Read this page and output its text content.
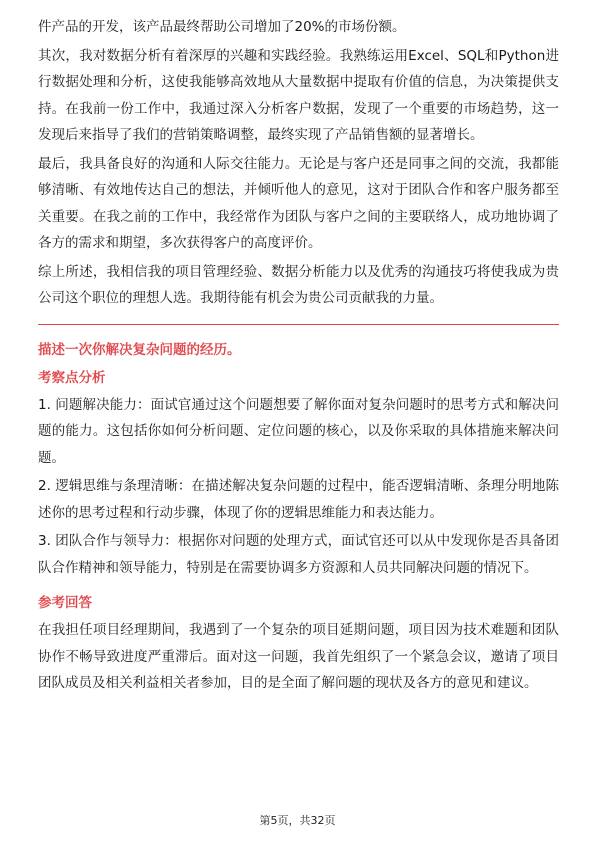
件产品的开发，该产品最终帮助公司增加了20%的市场份额。

其次，我对数据分析有着深厚的兴趣和实践经验。我熟练运用Excel、SQL和Python进行数据处理和分析，这使我能够高效地从大量数据中提取有价值的信息，为决策提供支持。在我前一份工作中，我通过深入分析客户数据，发现了一个重要的市场趋势，这一发现后来指导了我们的营销策略调整，最终实现了产品销售额的显著增长。

最后，我具备良好的沟通和人际交往能力。无论是与客户还是同事之间的交流，我都能够清晰、有效地传达自己的想法，并倾听他人的意见，这对于团队合作和客户服务都至关重要。在我之前的工作中，我经常作为团队与客户之间的主要联络人，成功地协调了各方的需求和期望，多次获得客户的高度评价。

综上所述，我相信我的项目管理经验、数据分析能力以及优秀的沟通技巧将使我成为贵公司这个职位的理想人选。我期待能有机会为贵公司贡献我的力量。

描述一次你解决复杂问题的经历。

考察点分析

1. 问题解决能力：面试官通过这个问题想要了解你面对复杂问题时的思考方式和解决问题的能力。这包括你如何分析问题、定位问题的核心，以及你采取的具体措施来解决问题。

2. 逻辑思维与条理清晰：在描述解决复杂问题的过程中，能否逻辑清晰、条理分明地陈述你的思考过程和行动步骤，体现了你的逻辑思维能力和表达能力。

3. 团队合作与领导力：根据你对问题的处理方式，面试官还可以从中发现你是否具备团队合作精神和领导能力，特别是在需要协调多方资源和人员共同解决问题的情况下。

参考回答

在我担任项目经理期间，我遇到了一个复杂的项目延期问题，项目因为技术难题和团队协作不畅导致进度严重滞后。面对这一问题，我首先组织了一个紧急会议，邀请了项目团队成员及相关利益相关者参加，目的是全面了解问题的现状及各方的意见和建议。

第5页，共32页
